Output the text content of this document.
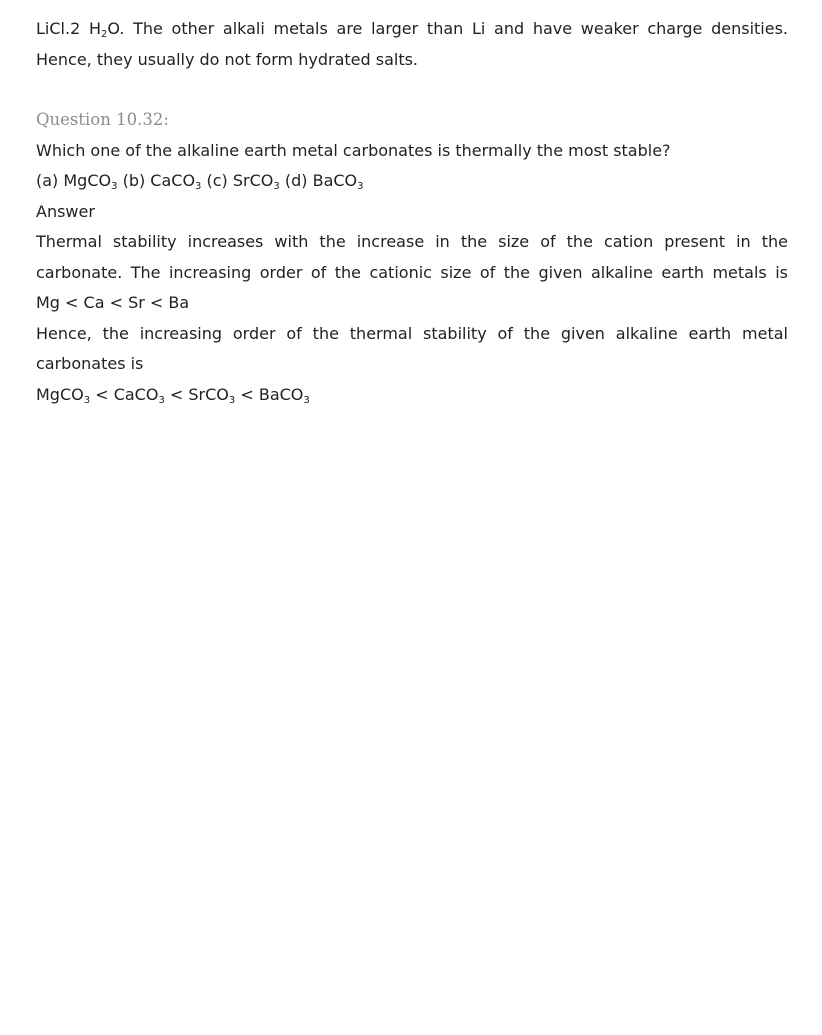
LiCl.2 $H_2O$. The other alkali metals are larger than Li and have weaker charge densities.

Hence, they usually do not form hydrated salts.

Question 10.32:

Which one of the alkaline earth metal carbonates is thermally the most stable?

(a) MgCO$_3$ (b) CaCO$_3$ (c) SrCO$_3$ (d) BaCO$_3$

Answer

Thermal stability increases with the increase in the size of the cation present in the

carbonate. The increasing order of the cationic size of the given alkaline earth metals is

Mg < Ca < Sr < Ba

Hence, the increasing order of the thermal stability of the given alkaline earth metal

carbonates is

MgCO$_3$ < CaCO$_3$ < SrCO$_3$ < BaCO$_3$
